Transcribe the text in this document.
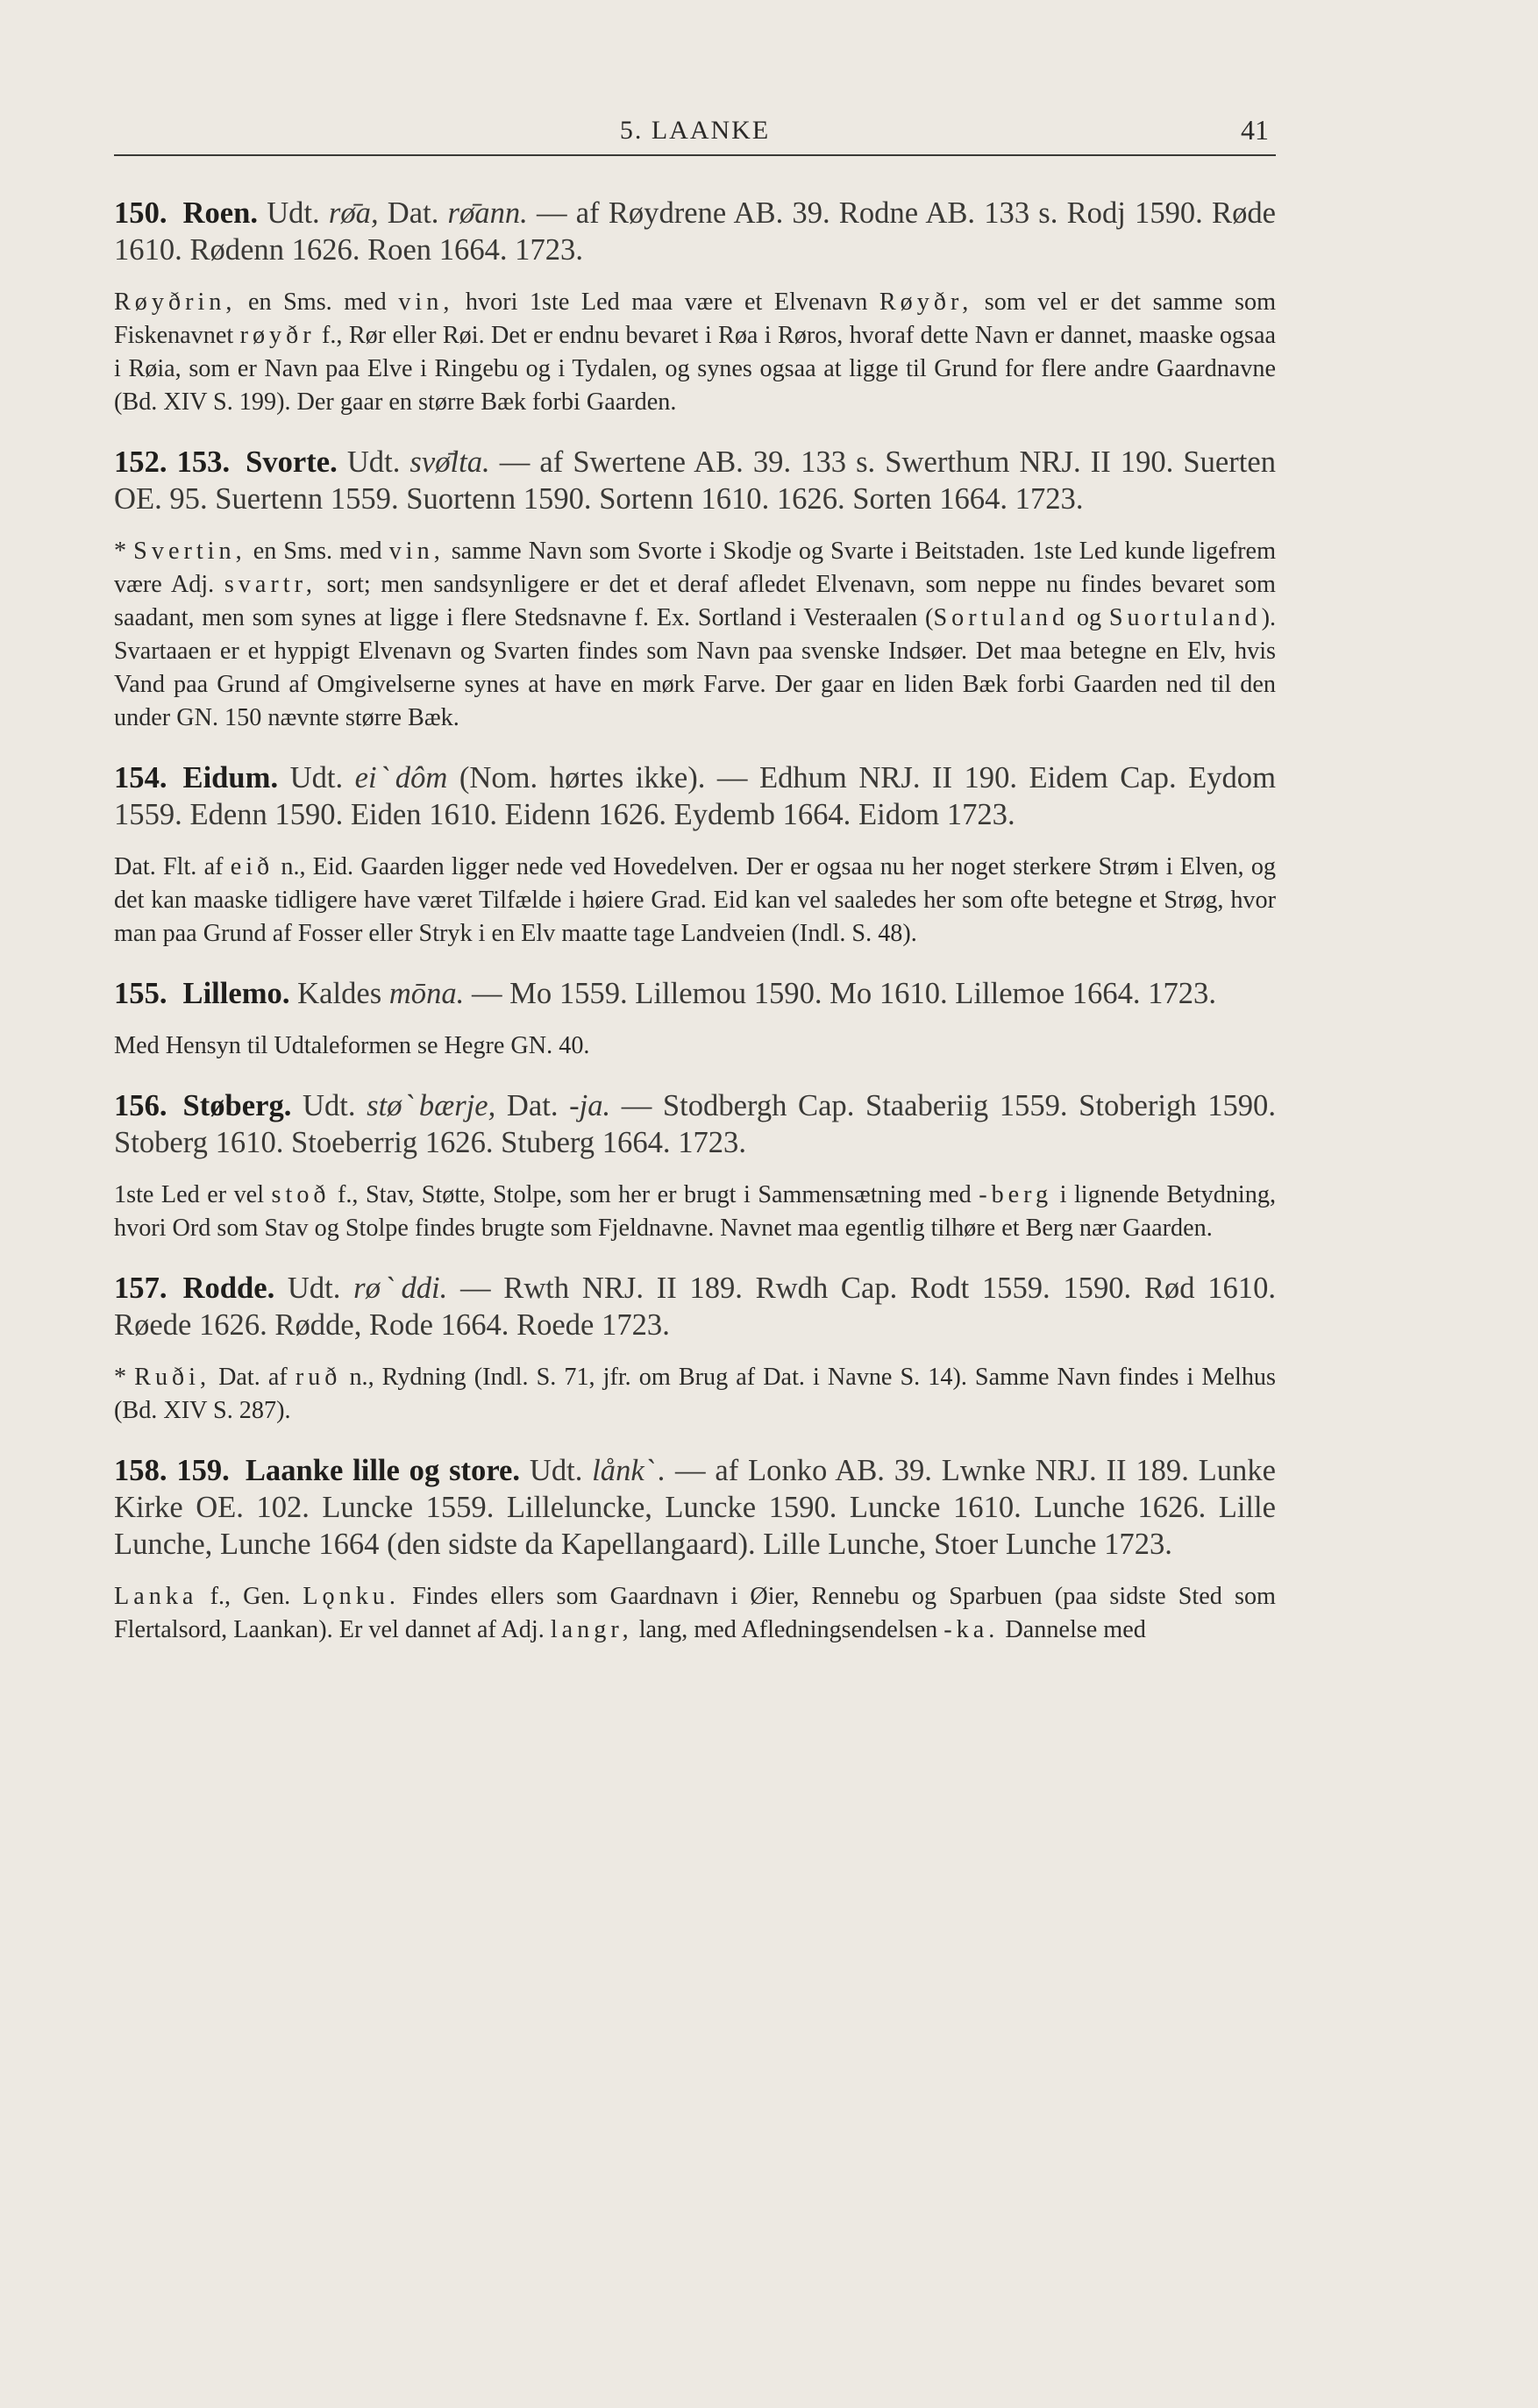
5. LAANKE	41

150. Roen. Udt. rø̄a, Dat. rø̄ann. — af Røydrene AB. 39. Rodne AB. 133 s. Rodj 1590. Røde 1610. Rødenn 1626. Roen 1664. 1723.

Røyðrin, en Sms. med vin, hvori 1ste Led maa være et Elvenavn Røyðr, som vel er det samme som Fiskenavnet røyðr f., Rør eller Røi. Det er endnu bevaret i Røa i Røros, hvoraf dette Navn er dannet, maaske ogsaa i Røia, som er Navn paa Elve i Ringebu og i Tydalen, og synes ogsaa at ligge til Grund for flere andre Gaardnavne (Bd. XIV S. 199). Der gaar en større Bæk forbi Gaarden.

152. 153. Svorte. Udt. svø̄lta. — af Swertene AB. 39. 133 s. Swerthum NRJ. II 190. Suerten OE. 95. Suertenn 1559. Suortenn 1590. Sortenn 1610. 1626. Sorten 1664. 1723.

* Svertin, en Sms. med vin, samme Navn som Svorte i Skodje og Svarte i Beitstaden. 1ste Led kunde ligefrem være Adj. svartr, sort; men sandsynligere er det et deraf afledet Elvenavn, som neppe nu findes bevaret som saadant, men som synes at ligge i flere Stedsnavne f. Ex. Sortland i Vesteraalen (Sortuland og Suortuland). Svartaaen er et hyppigt Elvenavn og Svarten findes som Navn paa svenske Indsøer. Det maa betegne en Elv, hvis Vand paa Grund af Omgivelserne synes at have en mørk Farve. Der gaar en liden Bæk forbi Gaarden ned til den under GN. 150 nævnte større Bæk.

154. Eidum. Udt. eiˋdôm (Nom. hørtes ikke). — Edhum NRJ. II 190. Eidem Cap. Eydom 1559. Edenn 1590. Eiden 1610. Eidenn 1626. Eydemb 1664. Eidom 1723.

Dat. Flt. af eið n., Eid. Gaarden ligger nede ved Hovedelven. Der er ogsaa nu her noget sterkere Strøm i Elven, og det kan maaske tidligere have været Tilfælde i høiere Grad. Eid kan vel saaledes her som ofte betegne et Strøg, hvor man paa Grund af Fosser eller Stryk i en Elv maatte tage Landveien (Indl. S. 48).

155. Lillemo. Kaldes mōna. — Mo 1559. Lillemou 1590. Mo 1610. Lillemoe 1664. 1723.

Med Hensyn til Udtaleformen se Hegre GN. 40.

156. Støberg. Udt. støˋbærje, Dat. -ja. — Stodbergh Cap. Staaberiig 1559. Stoberigh 1590. Stoberg 1610. Stoeberrig 1626. Stuberg 1664. 1723.

1ste Led er vel stoð f., Stav, Støtte, Stolpe, som her er brugt i Sammensætning med -berg i lignende Betydning, hvori Ord som Stav og Stolpe findes brugte som Fjeldnavne. Navnet maa egentlig tilhøre et Berg nær Gaarden.

157. Rodde. Udt. røˋddi. — Rwth NRJ. II 189. Rwdh Cap. Rodt 1559. 1590. Rød 1610. Røede 1626. Rødde, Rode 1664. Roede 1723.

* Ruði, Dat. af ruð n., Rydning (Indl. S. 71, jfr. om Brug af Dat. i Navne S. 14). Samme Navn findes i Melhus (Bd. XIV S. 287).

158. 159. Laanke lille og store. Udt. lånkˋ. — af Lonko AB. 39. Lwnke NRJ. II 189. Lunke Kirke OE. 102. Luncke 1559. Lilleluncke, Luncke 1590. Luncke 1610. Lunche 1626. Lille Lunche, Lunche 1664 (den sidste da Kapellangaard). Lille Lunche, Stoer Lunche 1723.

Lanka f., Gen. Lǫnku. Findes ellers som Gaardnavn i Øier, Rennebu og Sparbuen (paa sidste Sted som Flertalsord, Laankan). Er vel dannet af Adj. langr, lang, med Afledningsendelsen -ka. Dannelse med
